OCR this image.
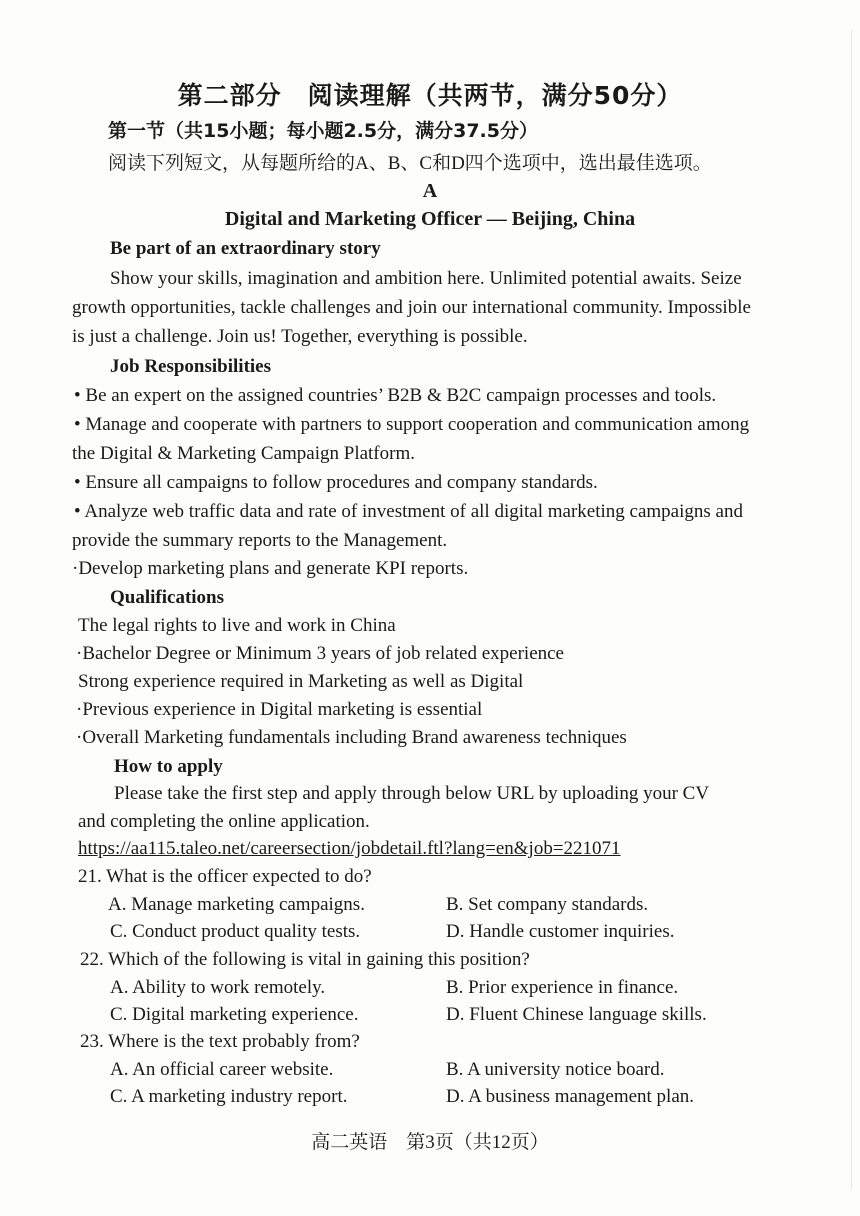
第二部分　阅读理解（共两节，满分50分）
第一节（共15小题；每小题2.5分，满分37.5分）
阅读下列短文，从每题所给的A、B、C和D四个选项中，选出最佳选项。
A
Digital and Marketing Officer — Beijing, China
Be part of an extraordinary story
Show your skills, imagination and ambition here. Unlimited potential awaits. Seize
growth opportunities, tackle challenges and join our international community. Impossible
is just a challenge. Join us! Together, everything is possible.
Job Responsibilities
• Be an expert on the assigned countries’ B2B & B2C campaign processes and tools.
• Manage and cooperate with partners to support cooperation and communication among
the Digital & Marketing Campaign Platform.
• Ensure all campaigns to follow procedures and company standards.
• Analyze web traffic data and rate of investment of all digital marketing campaigns and
provide the summary reports to the Management.
·Develop marketing plans and generate KPI reports.
Qualifications
The legal rights to live and work in China
·Bachelor Degree or Minimum 3 years of job related experience
Strong experience required in Marketing as well as Digital
·Previous experience in Digital marketing is essential
·Overall Marketing fundamentals including Brand awareness techniques
How to apply
Please take the first step and apply through below URL by uploading your CV
and completing the online application.
https://aa115.taleo.net/careersection/jobdetail.ftl?lang=en&job=221071
21. What is the officer expected to do?
A. Manage marketing campaigns.	B. Set company standards.
C. Conduct product quality tests.	D. Handle customer inquiries.
22. Which of the following is vital in gaining this position?
A. Ability to work remotely.	B. Prior experience in finance.
C. Digital marketing experience.	D. Fluent Chinese language skills.
23. Where is the text probably from?
A. An official career website.	B. A university notice board.
C. A marketing industry report.	D. A business management plan.
高二英语　第3页（共12页）
